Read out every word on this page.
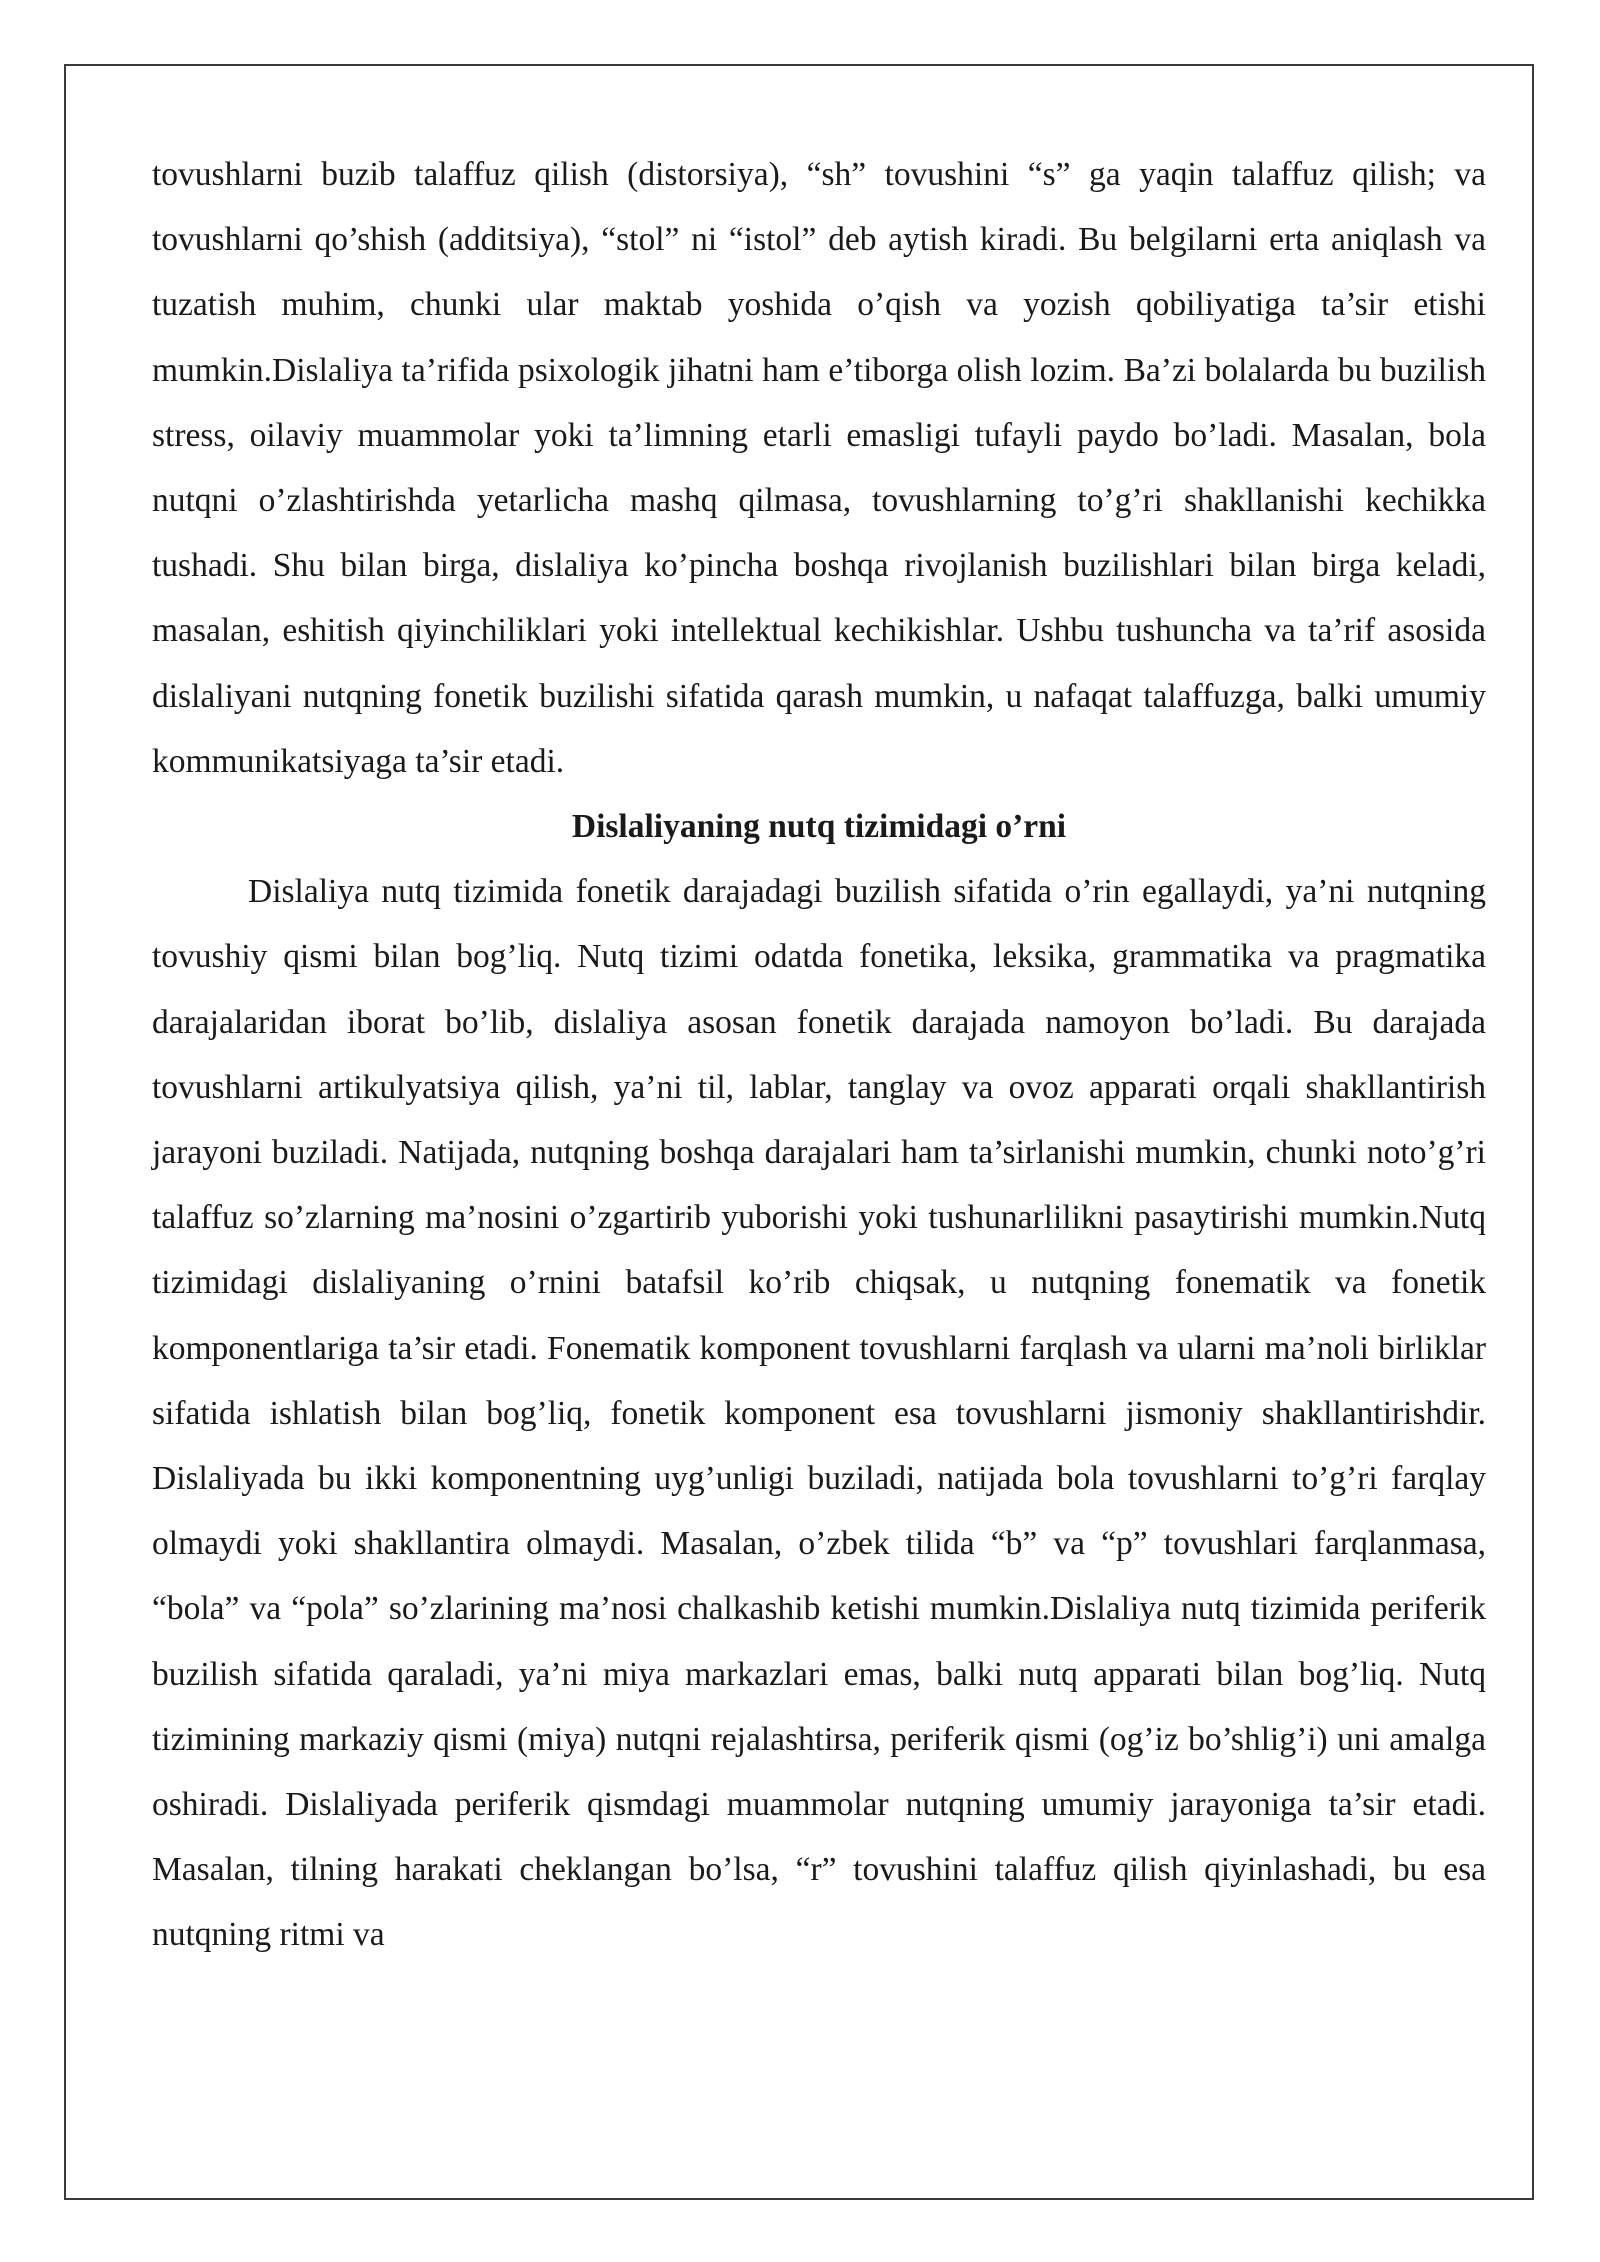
tovushlarni buzib talaffuz qilish (distorsiya), “sh” tovushini “s” ga yaqin talaffuz qilish; va tovushlarni qo’shish (additsiya), “stol” ni “istol” deb aytish kiradi. Bu belgilarni erta aniqlash va tuzatish muhim, chunki ular maktab yoshida o’qish va yozish qobiliyatiga ta’sir etishi mumkin.Dislaliya ta’rifida psixologik jihatni ham e’tiborga olish lozim. Ba’zi bolalarda bu buzilish stress, oilaviy muammolar yoki ta’limning etarli emasligi tufayli paydo bo’ladi. Masalan, bola nutqni o’zlashtirishda yetarlicha mashq qilmasa, tovushlarning to’g’ri shakllanishi kechikka tushadi. Shu bilan birga, dislaliya ko’pincha boshqa rivojlanish buzilishlari bilan birga keladi, masalan, eshitish qiyinchiliklari yoki intellektual kechikishlar. Ushbu tushuncha va ta’rif asosida dislaliyani nutqning fonetik buzilishi sifatida qarash mumkin, u nafaqat talaffuzga, balki umumiy kommunikatsiyaga ta’sir etadi.

Dislaliyaning nutq tizimidagi o’rni

Dislaliya nutq tizimida fonetik darajadagi buzilish sifatida o’rin egallaydi, ya’ni nutqning tovushiy qismi bilan bog’liq. Nutq tizimi odatda fonetika, leksika, grammatika va pragmatika darajalaridan iborat bo’lib, dislaliya asosan fonetik darajada namoyon bo’ladi. Bu darajada tovushlarni artikulyatsiya qilish, ya’ni til, lablar, tanglay va ovoz apparati orqali shakllantirish jarayoni buziladi. Natijada, nutqning boshqa darajalari ham ta’sirlanishi mumkin, chunki noto’g’ri talaffuz so’zlarning ma’nosini o’zgartirib yuborishi yoki tushunarlilikni pasaytirishi mumkin.Nutq tizimidagi dislaliyaning o’rnini batafsil ko’rib chiqsak, u nutqning fonematik va fonetik komponentlariga ta’sir etadi. Fonematik komponent tovushlarni farqlash va ularni ma’noli birliklar sifatida ishlatish bilan bog’liq, fonetik komponent esa tovushlarni jismoniy shakllantirishdir. Dislaliyada bu ikki komponentning uyg’unligi buziladi, natijada bola tovushlarni to’g’ri farqlay olmaydi yoki shakllantira olmaydi. Masalan, o’zbek tilida “b” va “p” tovushlari farqlanmasa, “bola” va “pola” so’zlarining ma’nosi chalkashib ketishi mumkin.Dislaliya nutq tizimida periferik buzilish sifatida qaraladi, ya’ni miya markazlari emas, balki nutq apparati bilan bog’liq. Nutq tizimining markaziy qismi (miya) nutqni rejalashtirsa, periferik qismi (og’iz bo’shlig’i) uni amalga oshiradi. Dislaliyada periferik qismdagi muammolar nutqning umumiy jarayoniga ta’sir etadi. Masalan, tilning harakati cheklangan bo’lsa, “r” tovushini talaffuz qilish qiyinlashadi, bu esa nutqning ritmi va
